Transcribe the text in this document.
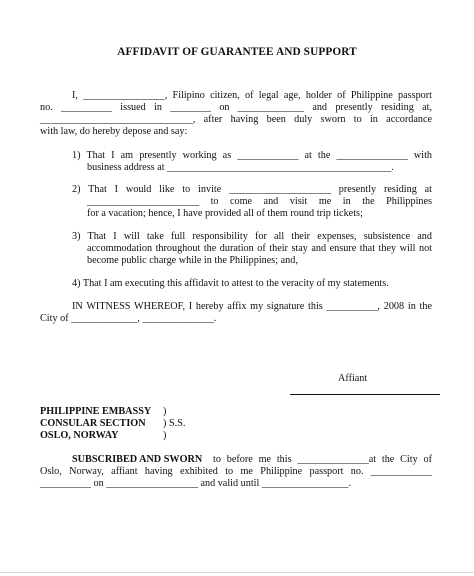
AFFIDAVIT OF GUARANTEE AND SUPPORT
I, ________________, Filipino citizen, of legal age, holder of Philippine passport
no. __________ issued in ________ on _____________ and presently residing at,
______________________________, after having been duly sworn to in accordance
with law, do hereby depose and say:
1) That I am presently working as ____________ at the ______________ with
business address at ____________________________________________.
2) That I would like to invite ____________________ presently residing at
______________________ to come and visit me in the Philippines
for a vacation; hence, I have provided all of them round trip tickets;
3) That I will take full responsibility for all their expenses, subsistence and
accommodation throughout the duration of their stay and ensure that they will not
become public charge while in the Philippines; and,
4) That I am executing this affidavit to attest to the veracity of my statements.
IN WITNESS WHEREOF, I hereby affix my signature this __________, 2008 in the
City of _____________, ______________.
Affiant
PHILIPPINE EMBASSY )
CONSULAR SECTION ) S.S.
OSLO, NORWAY	)
SUBSCRIBED AND SWORN to before me this ______________at the City of
Oslo, Norway, affiant having exhibited to me Philippine passport no. ____________
__________ on __________________ and valid until _________________.
